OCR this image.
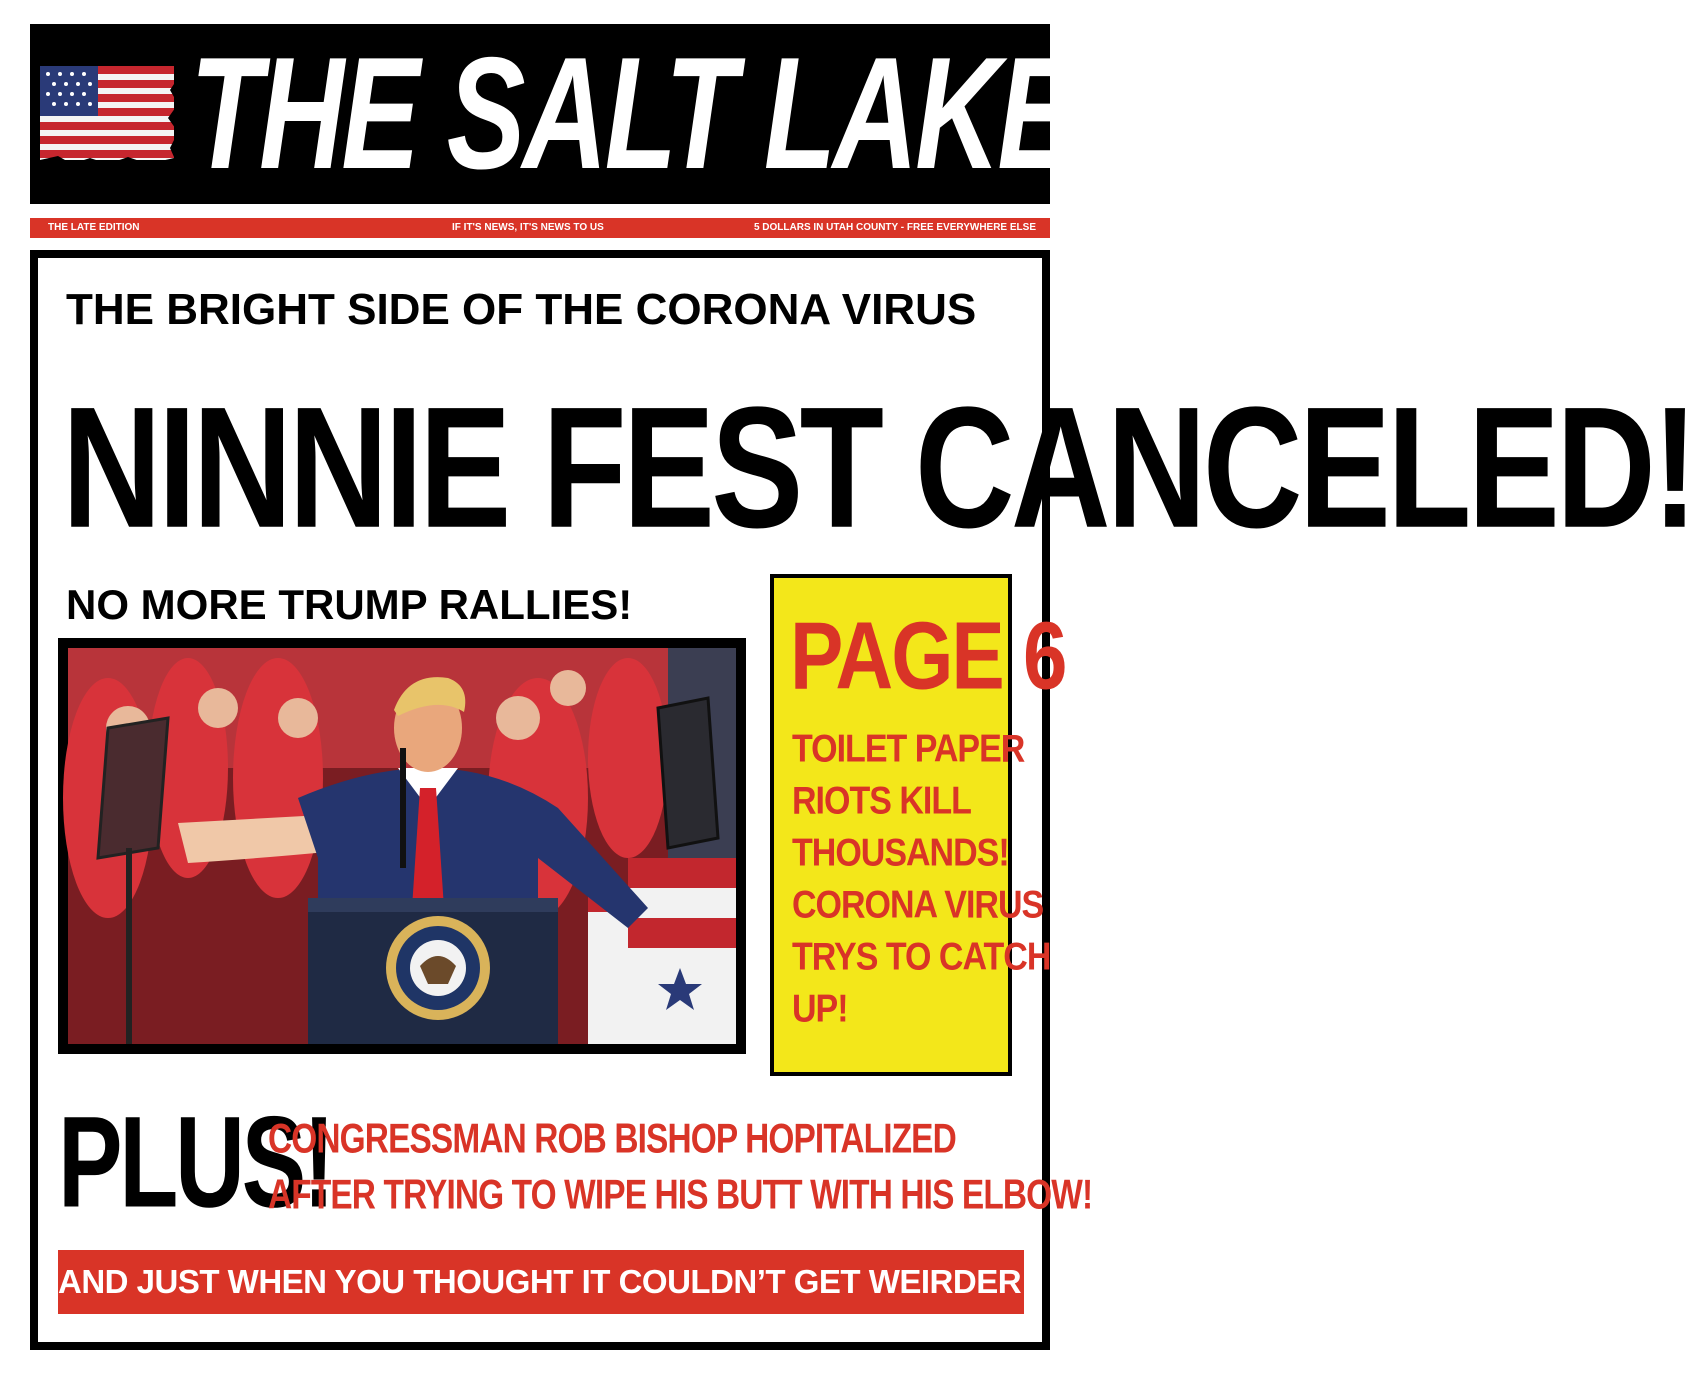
THE SALT LAKE TATTLER
THE LATE EDITION	IF IT'S NEWS, IT'S NEWS TO US	5 DOLLARS IN UTAH COUNTY - FREE EVERYWHERE ELSE
THE BRIGHT SIDE OF THE CORONA VIRUS
NINNIE FEST CANCELED!
NO MORE TRUMP RALLIES!	PAGE 6
TOILET PAPER
RIOTS KILL
THOUSANDS!
CORONA VIRUS
TRYS TO CATCH
UP!
PLUS!
CONGRESSMAN ROB BISHOP HOPITALIZED
AFTER TRYING TO WIPE HIS BUTT WITH HIS ELBOW!
AND JUST WHEN YOU THOUGHT IT COULDN’T GET WEIRDER!
